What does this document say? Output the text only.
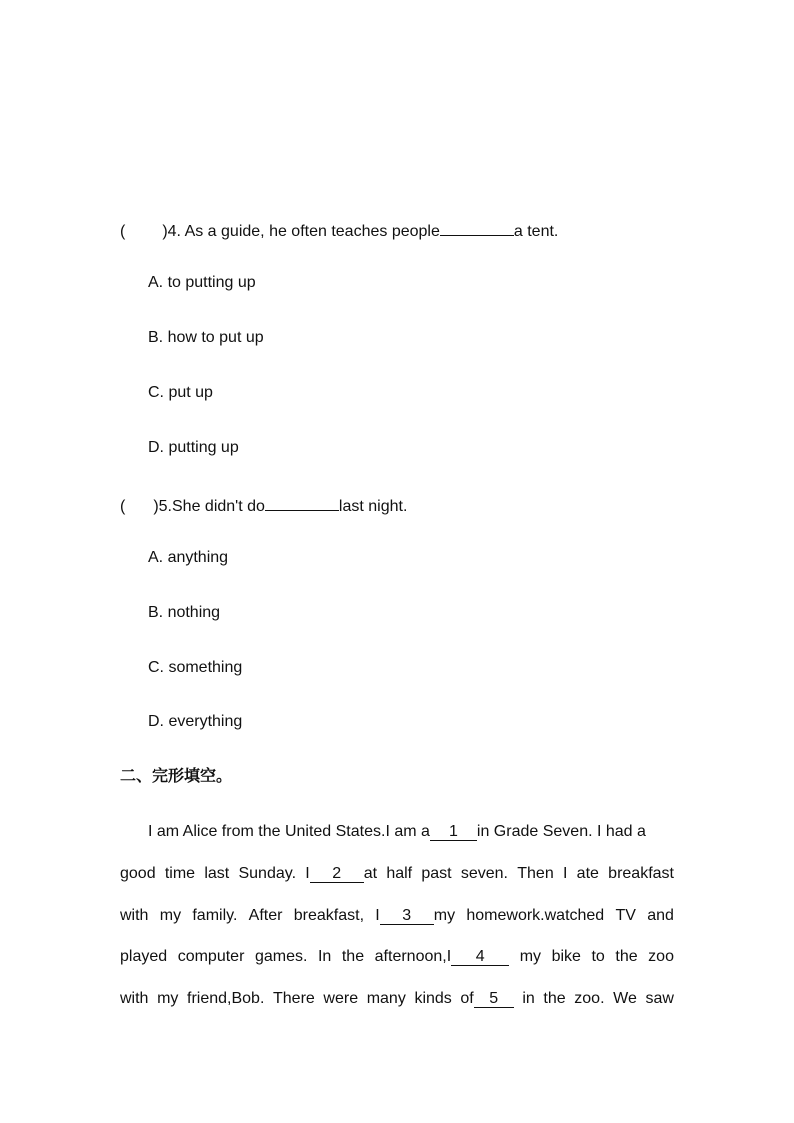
( )4. As a guide, he often teaches people	a tent.
A. to putting up
B. how to put up
C. put up
D. putting up
( )5.She didn't do	last night.
A. anything
B. nothing
C. something
D. everything
二、完形填空。
I am Alice from the United States.I am a 1 in Grade Seven. I had a
good time last Sunday. I 2 at half past seven. Then I ate breakfast
with my family. After breakfast, I 3 my homework.watched TV and
played computer games. In the afternoon,I 4	my bike to the zoo
with my friend,Bob. There were many kinds of 5	in the zoo. We saw
